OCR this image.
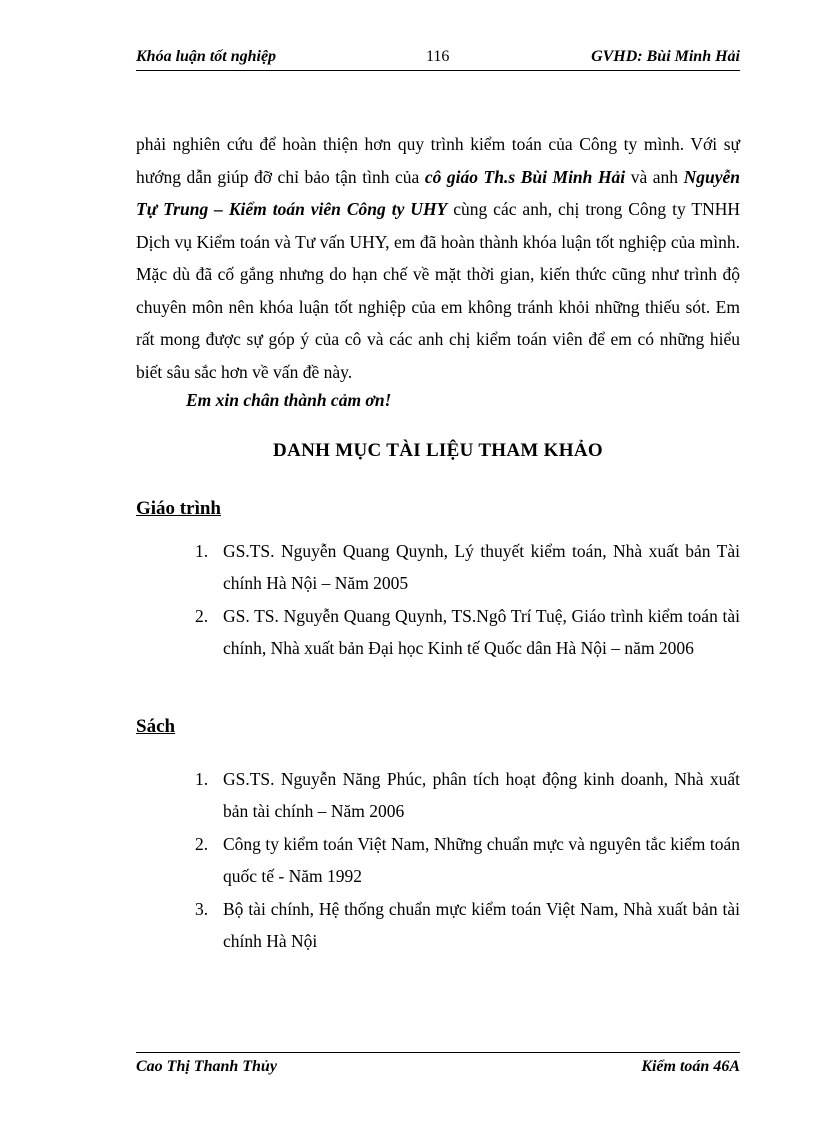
Khóa luận tốt nghiệp	116	GVHD: Bùi Minh Hải

phải nghiên cứu để hoàn thiện hơn quy trình kiểm toán của Công ty mình. Với sự hướng dẫn giúp đỡ chỉ bảo tận tình của cô giáo Th.s Bùi Minh Hải và anh Nguyễn Tự Trung – Kiểm toán viên Công ty UHY cùng các anh, chị trong Công ty TNHH Dịch vụ Kiểm toán và Tư vấn UHY, em đã hoàn thành khóa luận tốt nghiệp của mình. Mặc dù đã cố gắng nhưng do hạn chế về mặt thời gian, kiến thức cũng như trình độ chuyên môn nên khóa luận tốt nghiệp của em không tránh khỏi những thiếu sót. Em rất mong được sự góp ý của cô và các anh chị kiểm toán viên để em có những hiểu biết sâu sắc hơn về vấn đề này.

Em xin chân thành cảm ơn!
DANH MỤC TÀI LIỆU THAM KHẢO
Giáo trình
1. GS.TS. Nguyễn Quang Quynh, Lý thuyết kiểm toán, Nhà xuất bản Tài chính Hà Nội – Năm 2005
2. GS. TS. Nguyễn Quang Quynh, TS.Ngô Trí Tuệ, Giáo trình kiểm toán tài chính, Nhà xuất bản Đại học Kinh tế Quốc dân Hà Nội – năm 2006
Sách
1. GS.TS. Nguyễn Năng Phúc, phân tích hoạt động kinh doanh, Nhà xuất bản tài chính – Năm 2006
2. Công ty kiểm toán Việt Nam, Những chuẩn mực và nguyên tắc kiểm toán quốc tế - Năm 1992
3. Bộ tài chính, Hệ thống chuẩn mực kiểm toán Việt Nam, Nhà xuất bản tài chính Hà Nội
Cao Thị Thanh Thủy	Kiểm toán 46A
